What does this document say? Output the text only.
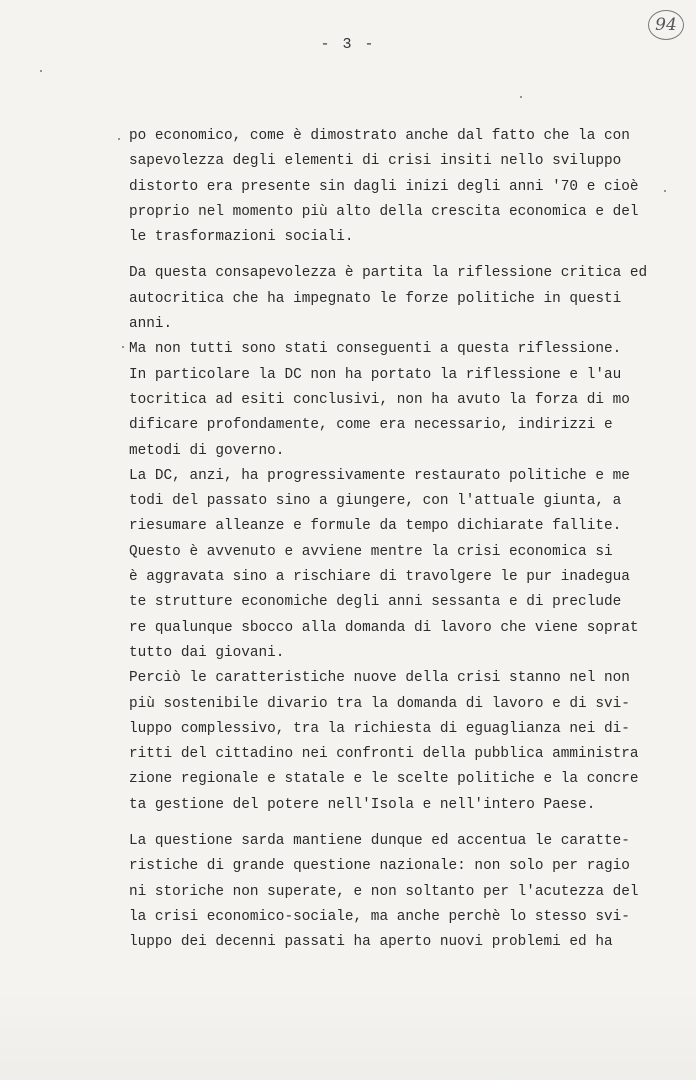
- 3 -
94
po economico, come è dimostrato anche dal fatto che la con
sapevolezza degli elementi di crisi insiti nello sviluppo
distorto era presente sin dagli inizi degli anni '70 e cioè
proprio nel momento più alto della crescita economica e del
le trasformazioni sociali.
Da questa consapevolezza è partita la riflessione critica ed
autocritica che ha impegnato le forze politiche in questi
anni.
Ma non tutti sono stati conseguenti a questa riflessione.
In particolare la DC non ha portato la riflessione e l'au
tocritica ad esiti conclusivi, non ha avuto la forza di mo
dificare profondamente, come era necessario, indirizzi e
metodi di governo.
La DC, anzi, ha progressivamente restaurato politiche e me
todi del passato sino a giungere, con l'attuale giunta, a
riesumare alleanze e formule da tempo dichiarate fallite.
Questo è avvenuto e avviene mentre la crisi economica si
è aggravata sino a rischiare di travolgere le pur inadegua
te strutture economiche degli anni sessanta e di preclude
re qualunque sbocco alla domanda di lavoro che viene soprat
tutto dai giovani.
Perciò le caratteristiche nuove della crisi stanno nel non
più sostenibile divario tra la domanda di lavoro e di svi-
luppo complessivo, tra la richiesta di eguaglianza nei di-
ritti del cittadino nei confronti della pubblica amministra
zione regionale e statale e le scelte politiche e la concre
ta gestione del potere nell'Isola e nell'intero Paese.
La questione sarda mantiene dunque ed accentua le caratte-
ristiche di grande questione nazionale: non solo per ragio
ni storiche non superate, e non soltanto per l'acutezza del
la crisi economico-sociale, ma anche perchè lo stesso svi-
luppo dei decenni passati ha aperto nuovi problemi ed ha
